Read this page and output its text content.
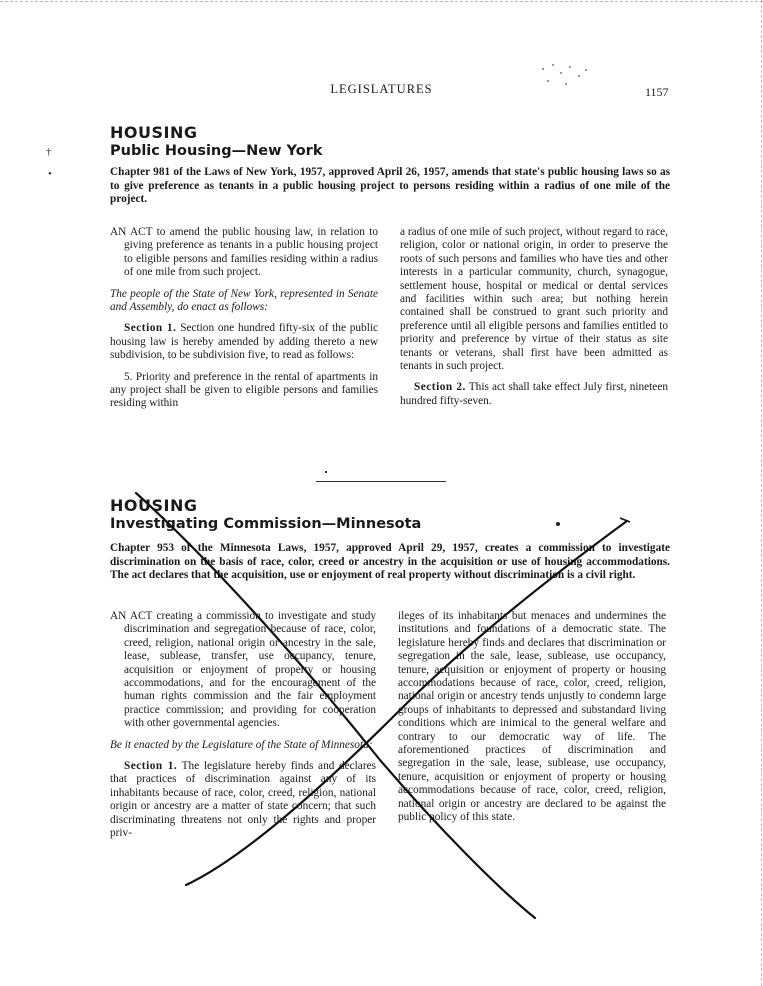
†
•
LEGISLATURES	1157
HOUSING
Public Housing—New York
Chapter 981 of the Laws of New York, 1957, approved April 26, 1957, amends that state's public housing laws so as to give preference as tenants in a public housing project to persons residing within a radius of one mile of the project.

AN ACT to amend the public housing law, in relation to giving preference as tenants in a public housing project to eligible persons and families residing within a radius of one mile from such project.

The people of the State of New York, represented in Senate and Assembly, do enact as follows:

Section 1. Section one hundred fifty-six of the public housing law is hereby amended by adding thereto a new subdivision, to be subdivision five, to read as follows:

5. Priority and preference in the rental of apartments in any project shall be given to eligible persons and families residing within

a radius of one mile of such project, without regard to race, religion, color or national origin, in order to preserve the roots of such persons and families who have ties and other interests in a particular community, church, synagogue, settlement house, hospital or medical or dental services and facilities within such area; but nothing herein contained shall be construed to grant such priority and preference until all eligible persons and families entitled to priority and preference by virtue of their status as site tenants or veterans, shall first have been admitted as tenants in such project.

Section 2. This act shall take effect July first, nineteen hundred fifty-seven.

HOUSING
Investigating Commission—Minnesota
Chapter 953 of the Minnesota Laws, 1957, approved April 29, 1957, creates a commission to investigate discrimination on the basis of race, color, creed or ancestry in the acquisition or use of housing accommodations. The act declares that the acquisition, use or enjoyment of real property without discrimination is a civil right.

AN ACT creating a commission to investigate and study discrimination and segregation because of race, color, creed, religion, national origin or ancestry in the sale, lease, sublease, transfer, use occupancy, tenure, acquisition or enjoyment of property or housing accommodations, and for the encouragement of the human rights commission and the fair employment practice commission; and providing for cooperation with other governmental agencies.

Be it enacted by the Legislature of the State of Minnesota:

Section 1. The legislature hereby finds and declares that practices of discrimination against any of its inhabitants because of race, color, creed, religion, national origin or ancestry are a matter of state concern; that such discriminating threatens not only the rights and proper priv-

ileges of its inhabitants but menaces and undermines the institutions and foundations of a democratic state. The legislature hereby finds and declares that discrimination or segregation in the sale, lease, sublease, use occupancy, tenure, acquisition or enjoyment of property or housing accommodations because of race, color, creed, religion, national origin or ancestry tends unjustly to condemn large groups of inhabitants to depressed and substandard living conditions which are inimical to the general welfare and contrary to our democratic way of life. The aforementioned practices of discrimination and segregation in the sale, lease, sublease, use occupancy, tenure, acquisition or enjoyment of property or housing accommodations because of race, color, creed, religion, national origin or ancestry are declared to be against the public policy of this state.
